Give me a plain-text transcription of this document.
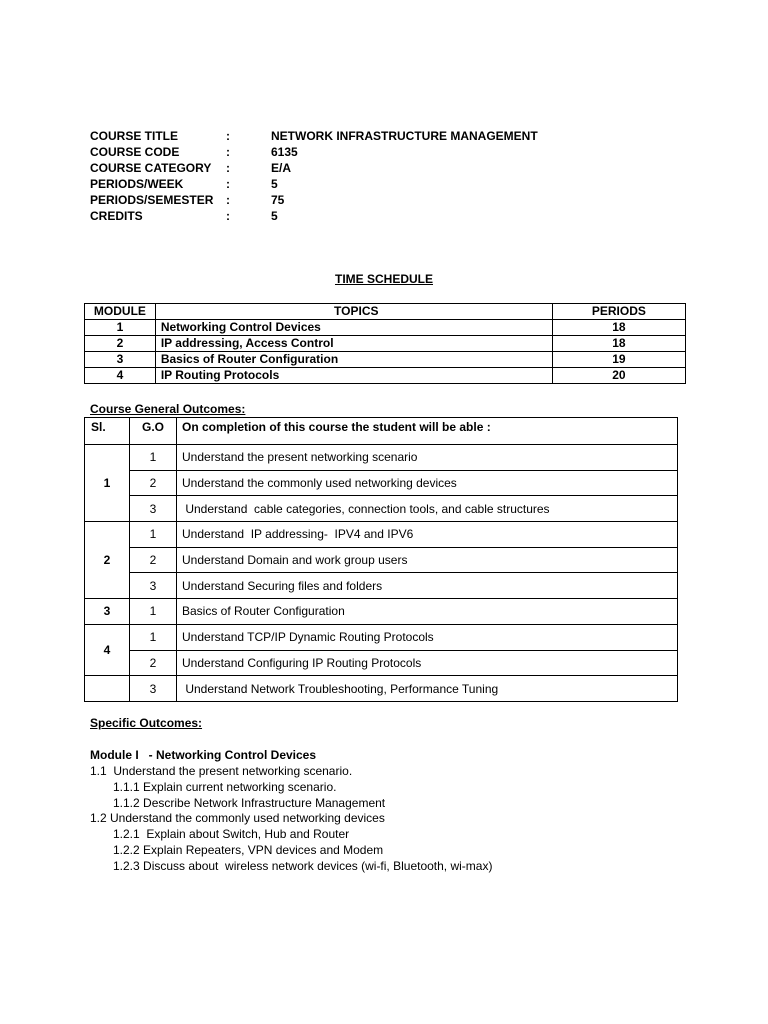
COURSE TITLE	:	NETWORK INFRASTRUCTURE MANAGEMENT
COURSE CODE	:	6135
COURSE CATEGORY :	E/A
PERIODS/WEEK	:	5
PERIODS/SEMESTER :	75
CREDITS	:	5
TIME SCHEDULE
MODULE	TOPICS	PERIODS
1	Networking Control Devices	18
2	IP addressing, Access Control	18
3	Basics of Router Configuration	19
4	IP Routing Protocols	20
Course General Outcomes:
Sl.	G.O	On completion of this course the student will be able :
1	1	Understand the present networking scenario
	2	Understand the commonly used networking devices
	3	Understand  cable categories, connection tools, and cable structures
2	1	Understand  IP addressing-  IPV4 and IPV6
	2	Understand Domain and work group users
	3	Understand Securing files and folders
3	1	Basics of Router Configuration
4	1	Understand TCP/IP Dynamic Routing Protocols
	2	Understand Configuring IP Routing Protocols
	3	Understand Network Troubleshooting, Performance Tuning
Specific Outcomes:
Module I   - Networking Control Devices
1.1  Understand the present networking scenario.
1.1.1 Explain current networking scenario.
1.1.2 Describe Network Infrastructure Management
1.2 Understand the commonly used networking devices
1.2.1  Explain about Switch, Hub and Router
1.2.2 Explain Repeaters, VPN devices and Modem
1.2.3 Discuss about  wireless network devices (wi-fi, Bluetooth, wi-max)
